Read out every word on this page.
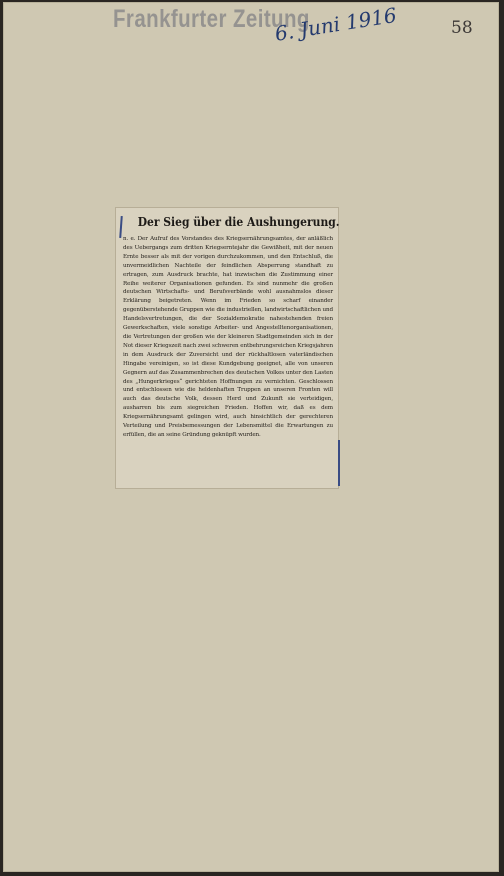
Frankfurter Zeitung
6. Juni 1916	58
Der Sieg über die Aushungerung.

n. e. Der Aufruf des Vorstandes des Kriegsernährungsamtes, der anläßlich des Uebergangs zum dritten Kriegserntejahr die Gewißheit, mit der neuen Ernte besser als mit der vorigen durchzukommen, und den Entschluß, die unvermeidlichen Nachteile der feindlichen Absperrung standhaft zu ertragen, zum Ausdruck brachte, hat inzwischen die Zustimmung einer Reihe weiterer Organisationen gefunden. Es sind nunmehr die großen deutschen Wirtschafts- und Berufsverbände wohl ausnahmslos dieser Erklärung beigetreten. Wenn im Frieden so scharf einander gegenüberstehende Gruppen wie die industriellen, landwirtschaftlichen und Handelsvertretungen, die der Sozialdemokratie nahestehenden freien Gewerkschaften, viele sonstige Arbeiter- und Angestelltenorganisationen, die Vertretungen der großen wie der kleineren Stadtgemeinden sich in der Not dieser Kriegszeit nach zwei schweren entbehrungsreichen Kriegsjahren in dem Ausdruck der Zuversicht und der rückhaltlosen vaterländischen Hingabe vereinigen, so ist diese Kundgebung geeignet, alle von unseren Gegnern auf das Zusammenbrechen des deutschen Volkes unter den Lasten des „Hungerkrieges“ gerichteten Hoffnungen zu vernichten. Geschlossen und entschlossen wie die heldenhaften Truppen an unseren Fronten will auch das deutsche Volk, dessen Herd und Zukunft sie verteidigen, ausharren bis zum siegreichen Frieden. Hoffen wir, daß es dem Kriegsernährungsamt gelingen wird, auch hinsichtlich der gerechteren Verteilung und Preisbemessungen der Lebensmittel die Erwartungen zu erfüllen, die an seine Gründung geknüpft wurden.
